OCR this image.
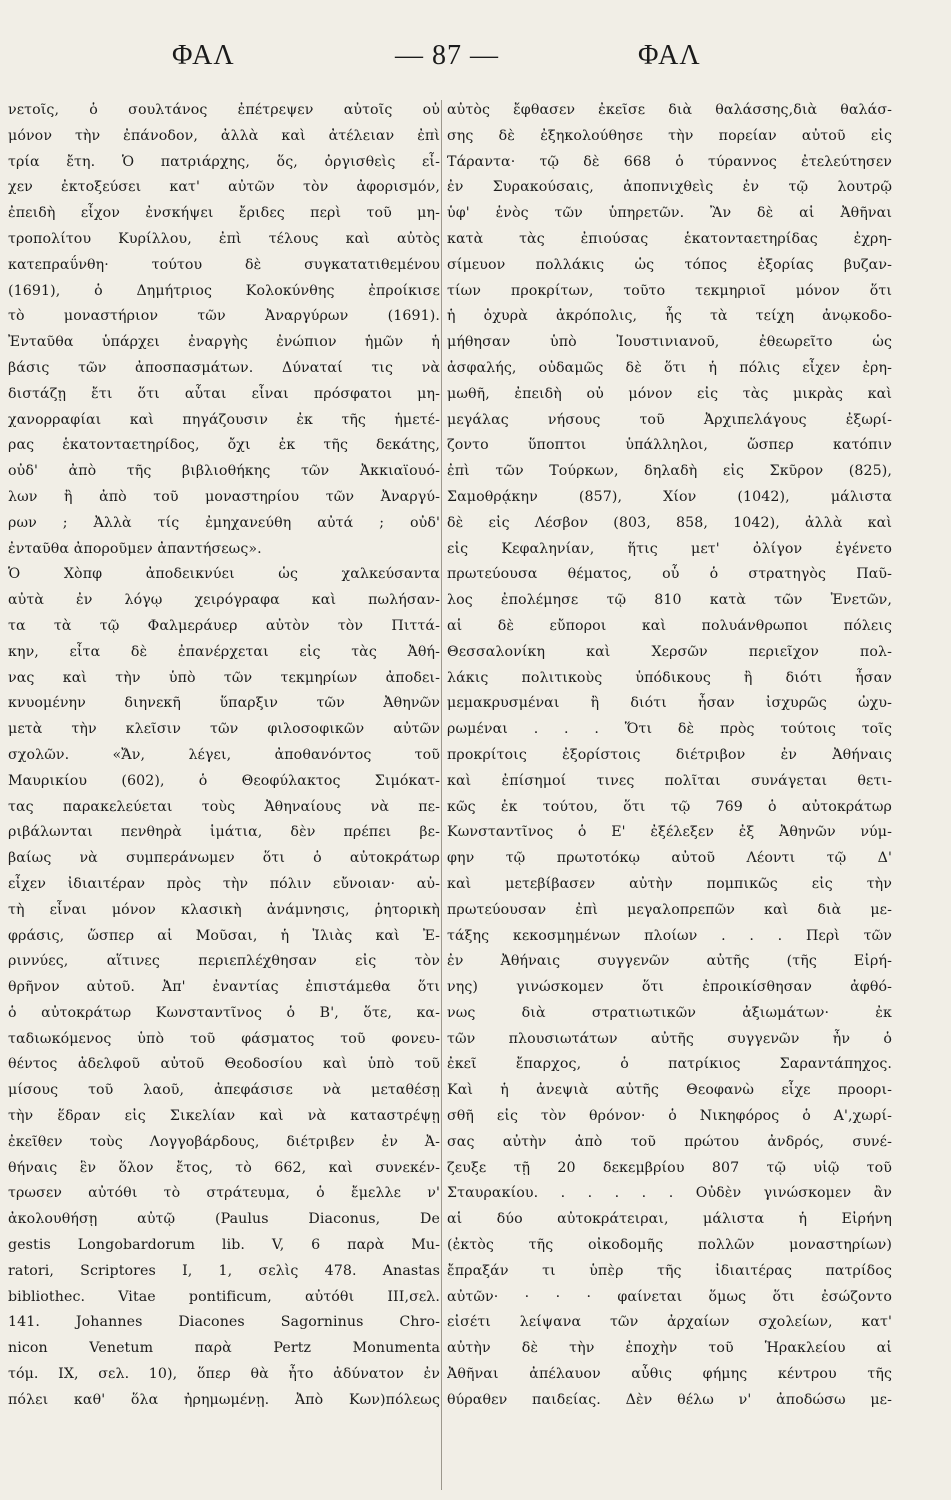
ΦΑΛ	— 87 —	ΦΑΛ
νετοῖς, ὁ σουλτάνος ἐπέτρεψεν αὐτοῖς οὐ
μόνον τὴν ἐπάνοδον, ἀλλὰ καὶ ἀτέλειαν ἐπὶ
τρία ἔτη. Ὁ πατριάρχης, ὅς, ὀργισθεὶς εἶ-
χεν ἐκτοξεύσει κατ' αὐτῶν τὸν ἀφορισμόν,
ἐπειδὴ εἶχον ἐνσκήψει ἔριδες περὶ τοῦ μη-
τροπολίτου Κυρίλλου, ἐπὶ τέλους καὶ αὐτὸς
κατεπραΰνθη· τούτου δὲ συγκατατιθεμένου
(1691), ὁ Δημήτριος Κολοκύνθης ἐπροίκισε
τὸ μοναστήριον τῶν Ἀναργύρων (1691).
Ἐνταῦθα ὑπάρχει ἐναργὴς ἐνώπιον ἡμῶν ἡ
βάσις τῶν ἀποσπασμάτων. Δύναταί τις νὰ
διστάζῃ ἔτι ὅτι αὗται εἶναι πρόσφατοι μη-
χανορραφίαι καὶ πηγάζουσιν ἐκ τῆς ἡμετέ-
ρας ἑκατονταετηρίδος, ὄχι ἐκ τῆς δεκάτης,
οὐδ' ἀπὸ τῆς βιβλιοθήκης τῶν Ἀκκιαϊουό-
λων ἢ ἀπὸ τοῦ μοναστηρίου τῶν Ἀναργύ-
ρων ; Ἀλλὰ τίς ἐμηχανεύθη αὐτά ; οὐδ'
ἐνταῦθα ἀποροῦμεν ἀπαντήσεως».
Ὁ Χὸπφ ἀποδεικνύει ὡς χαλκεύσαντα
αὐτὰ ἐν λόγῳ χειρόγραφα καὶ πωλήσαν-
τα τὰ τῷ Φαλμεράυερ αὐτὸν τὸν Πιττά-
κην, εἶτα δὲ ἐπανέρχεται εἰς τὰς Ἀθή-
νας καὶ τὴν ὑπὸ τῶν τεκμηρίων ἀποδει-
κνυομένην διηνεκῆ ὕπαρξιν τῶν Ἀθηνῶν
μετὰ τὴν κλεῖσιν τῶν φιλοσοφικῶν αὐτῶν
σχολῶν. «Ἄν, λέγει, ἀποθανόντος τοῦ
Μαυρικίου (602), ὁ Θεοφύλακτος Σιμόκατ-
τας παρακελεύεται τοὺς Ἀθηναίους νὰ πε-
ριβάλωνται πενθηρὰ ἱμάτια, δὲν πρέπει βε-
βαίως νὰ συμπεράνωμεν ὅτι ὁ αὐτοκράτωρ
εἶχεν ἰδιαιτέραν πρὸς τὴν πόλιν εὔνοιαν· αὐ-
τὴ εἶναι μόνον κλασικὴ ἀνάμνησις, ῥητορικὴ
φράσις, ὥσπερ αἱ Μοῦσαι, ἡ Ἰλιὰς καὶ Ἐ-
ριννύες, αἵτινες περιεπλέχθησαν εἰς τὸν
θρῆνον αὐτοῦ. Ἀπ' ἐναντίας ἐπιστάμεθα ὅτι
ὁ αὐτοκράτωρ Κωνσταντῖνος ὁ Β', ὅτε, κα-
ταδιωκόμενος ὑπὸ τοῦ φάσματος τοῦ φονευ-
θέντος ἀδελφοῦ αὐτοῦ Θεοδοσίου καὶ ὑπὸ τοῦ
μίσους τοῦ λαοῦ, ἀπεφάσισε νὰ μεταθέσῃ
τὴν ἕδραν εἰς Σικελίαν καὶ νὰ καταστρέψῃ
ἐκεῖθεν τοὺς Λογγοβάρδους, διέτριβεν ἐν Ἀ-
θήναις ἓν ὅλον ἔτος, τὸ 662, καὶ συνεκέν-
τρωσεν αὐτόθι τὸ στράτευμα, ὁ ἔμελλε ν'
ἀκολουθήσῃ αὐτῷ (Paulus Diaconus, De
gestis Longobardorum lib. V, 6 παρὰ Mu-
ratori, Scriptores I, 1, σελὶς 478. Anastas
bibliothec. Vitae pontificum, αὐτόθι III,σελ.
141. Johannes Diacones Sagorninus Chro-
nicon Venetum παρὰ Pertz Monumenta
τόμ. IX, σελ. 10), ὅπερ θὰ ἦτο ἀδύνατον ἐν
πόλει καθ' ὅλα ἠρημωμένῃ. Ἀπὸ Κων)πόλεως
αὐτὸς ἔφθασεν ἐκεῖσε διὰ θαλάσσης,διὰ θαλάσ-
σης δὲ ἐξηκολούθησε τὴν πορείαν αὐτοῦ εἰς
Τάραντα· τῷ δὲ 668 ὁ τύραννος ἐτελεύτησεν
ἐν Συρακούσαις, ἀποπνιχθεὶς ἐν τῷ λουτρῷ
ὑφ' ἑνὸς τῶν ὑπηρετῶν. Ἂν δὲ αἱ Ἀθῆναι
κατὰ τὰς ἐπιούσας ἑκατονταετηρίδας ἐχρη-
σίμευον πολλάκις ὡς τόπος ἐξορίας βυζαν-
τίων προκρίτων, τοῦτο τεκμηριοῖ μόνον ὅτι
ἡ ὀχυρὰ ἀκρόπολις, ἧς τὰ τείχη ἀνῳκοδο-
μήθησαν ὑπὸ Ἰουστινιανοῦ, ἐθεωρεῖτο ὡς
ἀσφαλής, οὐδαμῶς δὲ ὅτι ἡ πόλις εἶχεν ἐρη-
μωθῆ, ἐπειδὴ οὐ μόνον εἰς τὰς μικρὰς καὶ
μεγάλας νήσους τοῦ Ἀρχιπελάγους ἐξωρί-
ζοντο ὕποπτοι ὑπάλληλοι, ὥσπερ κατόπιν
ἐπὶ τῶν Τούρκων, δηλαδὴ εἰς Σκῦρον (825),
Σαμοθρᾴκην (857), Χίον (1042), μάλιστα
δὲ εἰς Λέσβον (803, 858, 1042), ἀλλὰ καὶ
εἰς Κεφαληνίαν, ἥτις μετ' ὀλίγον ἐγένετο
πρωτεύουσα θέματος, οὗ ὁ στρατηγὸς Παῦ-
λος ἐπολέμησε τῷ 810 κατὰ τῶν Ἐνετῶν,
αἱ δὲ εὔποροι καὶ πολυάνθρωποι πόλεις
Θεσσαλονίκη καὶ Χερσῶν περιεῖχον πολ-
λάκις πολιτικοὺς ὑπόδικους ἢ διότι ἦσαν
μεμακρυσμέναι ἢ διότι ἦσαν ἰσχυρῶς ὠχυ-
ρωμέναι . . . Ὅτι δὲ πρὸς τούτοις τοῖς
προκρίτοις ἐξορίστοις διέτριβον ἐν Ἀθήναις
καὶ ἐπίσημοί τινες πολῖται συνάγεται θετι-
κῶς ἐκ τούτου, ὅτι τῷ 769 ὁ αὐτοκράτωρ
Κωνσταντῖνος ὁ Ε' ἐξέλεξεν ἐξ Ἀθηνῶν νύμ-
φην τῷ πρωτοτόκῳ αὐτοῦ Λέοντι τῷ Δ'
καὶ μετεβίβασεν αὐτὴν πομπικῶς εἰς τὴν
πρωτεύουσαν ἐπὶ μεγαλοπρεπῶν καὶ διὰ με-
τάξης κεκοσμημένων πλοίων . . . Περὶ τῶν
ἐν Ἀθήναις συγγενῶν αὐτῆς (τῆς Εἰρή-
νης) γινώσκομεν ὅτι ἐπροικίσθησαν ἀφθό-
νως διὰ στρατιωτικῶν ἀξιωμάτων· ἐκ
τῶν πλουσιωτάτων αὐτῆς συγγενῶν ἦν ὁ
ἐκεῖ ἔπαρχος, ὁ πατρίκιος Σαραντάπηχος.
Καὶ ἡ ἀνεψιὰ αὐτῆς Θεοφανὼ εἶχε προορι-
σθῆ εἰς τὸν θρόνον· ὁ Νικηφόρος ὁ Α',χωρί-
σας αὐτὴν ἀπὸ τοῦ πρώτου ἀνδρός, συνέ-
ζευξε τῇ 20 δεκεμβρίου 807 τῷ υἱῷ τοῦ
Σταυρακίου. . . . . . Οὐδὲν γινώσκομεν ἂν
αἱ δύο αὐτοκράτειραι, μάλιστα ἡ Εἰρήνη
(ἐκτὸς τῆς οἰκοδομῆς πολλῶν μοναστηρίων)
ἔπραξάν τι ὑπὲρ τῆς ἰδιαιτέρας πατρίδος
αὐτῶν· · · · φαίνεται ὅμως ὅτι ἐσώζοντο
εἰσέτι λείψανα τῶν ἀρχαίων σχολείων, κατ'
αὐτὴν δὲ τὴν ἐποχὴν τοῦ Ἡρακλείου αἱ
Ἀθῆναι ἀπέλαυον αὖθις φήμης κέντρου τῆς
θύραθεν παιδείας. Δὲν θέλω ν' ἀποδώσω με-
